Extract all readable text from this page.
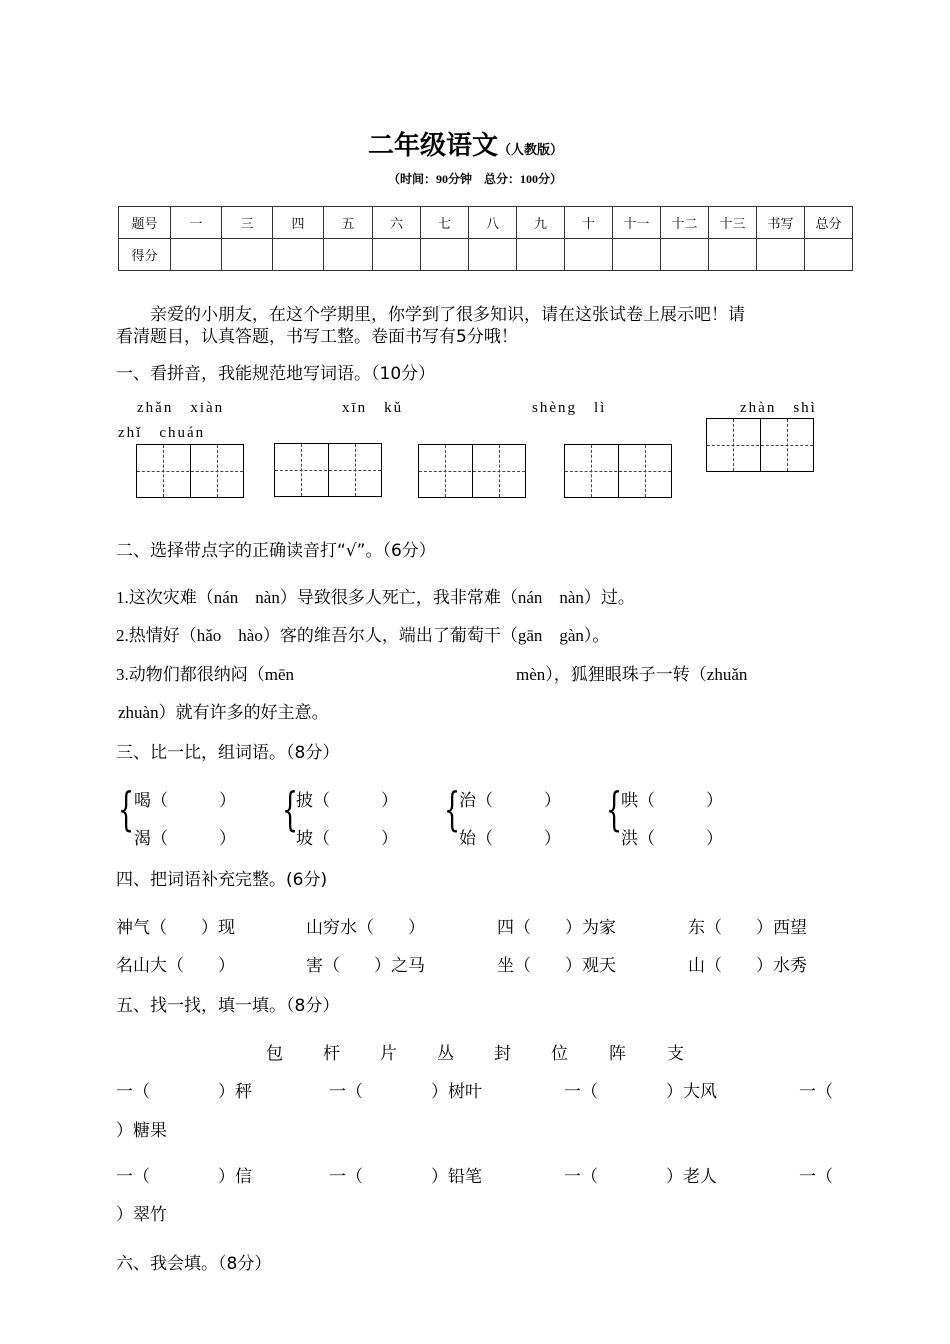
二年级语文（人教版）
（时间：90分钟　总分：100分）
题号	一	三	四	五	六	七	八	九	十	十一	十二	十三	书写	总分
得分														
亲爱的小朋友，在这个学期里，你学到了很多知识，请在这张试卷上展示吧！请
看清题目，认真答题，书写工整。卷面书写有5分哦！
一、看拼音，我能规范地写词语。（10分）
zhǎn　xiàn	xīn　kǔ	shèng　lì	zhàn　shì
zhǐ　chuán
二、选择带点字的正确读音打“√”。（6分）
1.这次灾难（nán　nàn）导致很多人死亡，我非常难（nán　nàn）过。
2.热情好（hǎo　hào）客的维吾尔人，端出了葡萄干（gān　gàn）。
3.动物们都很纳闷（mēn	mèn），狐狸眼珠子一转（zhuǎn
zhuàn）就有许多的好主意。
三、比一比，组词语。（8分）
{ 喝（　　　）
渴（　　　）
{
披（　　　）
坡（　　　）
{
治（　　　）
始（　　　）
{
哄（　　　）
洪（　　　）
四、把词语补充完整。(6分)
神气（　　）现	山穷水（　　）	四（　　）为家	东（　　）西望
名山大（　　）	害（　　）之马	坐（　　）观天	山（　　）水秀
五、找一找，填一填。（8分）
包 杆 片 丛 封 位 阵 支
一（　　　　）秤	一（　　　　）树叶	一（　　　　）大风	一（
）糖果
一（　　　　）信	一（　　　　）铅笔	一（　　　　）老人	一（
）翠竹
六、我会填。（8分）
